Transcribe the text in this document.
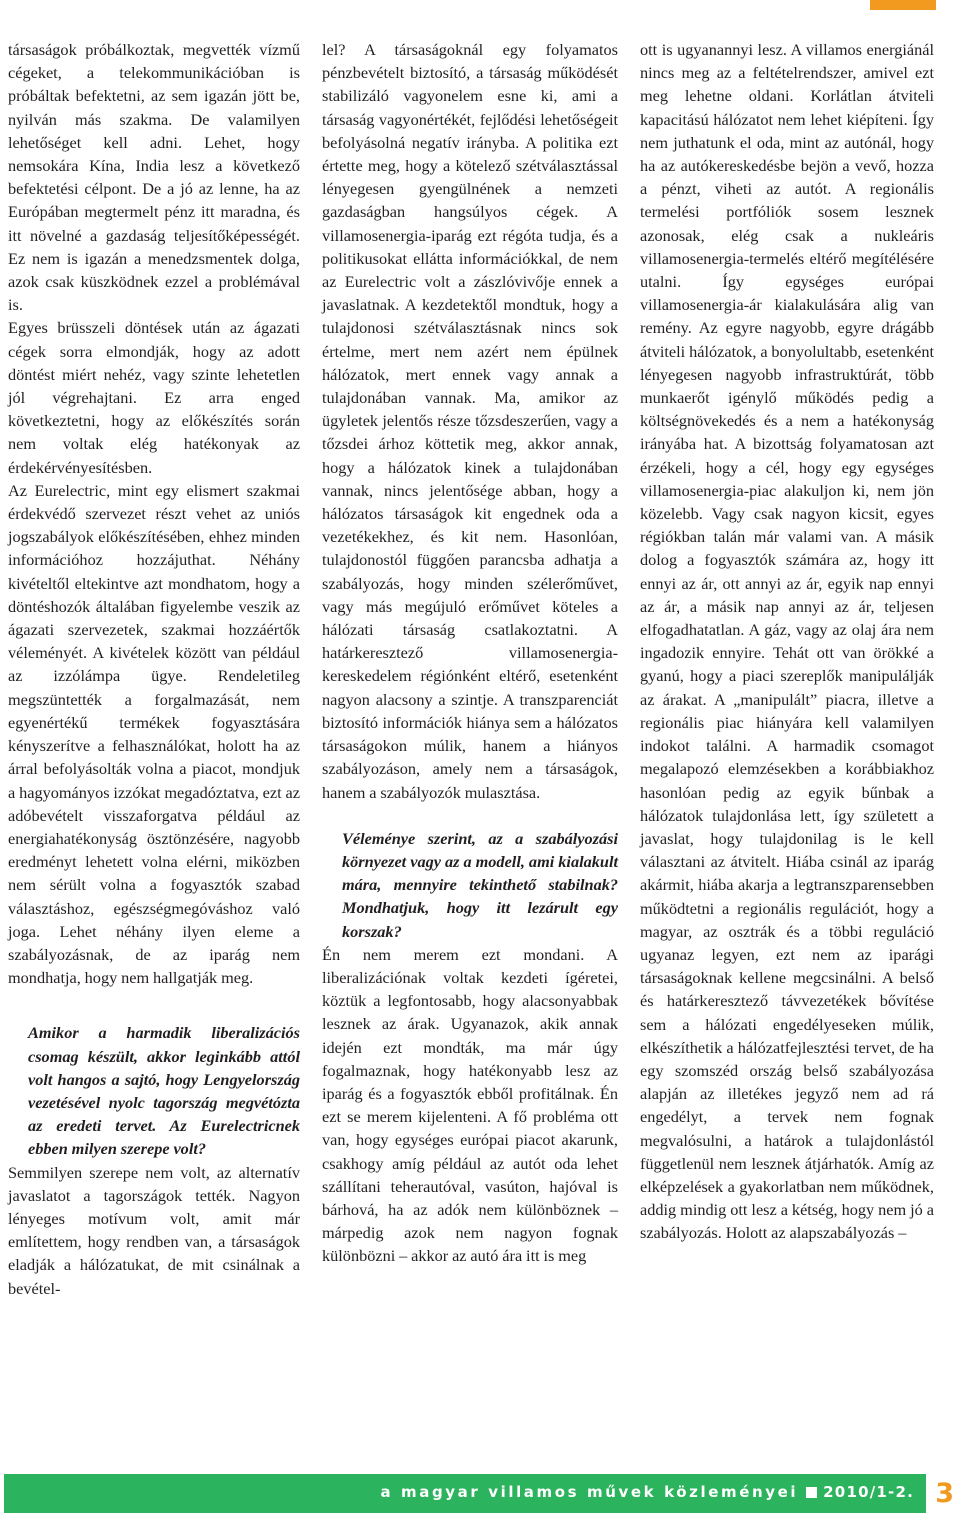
társaságok próbálkoztak, megvették vízmű cégeket, a telekommunikációban is próbáltak befektetni, az sem igazán jött be, nyilván más szakma. De valamilyen lehetőséget kell adni. Lehet, hogy nemsokára Kína, India lesz a következő befektetési célpont. De a jó az lenne, ha az Európában megtermelt pénz itt maradna, és itt növelné a gazdaság teljesítőképességét. Ez nem is igazán a menedzsmentek dolga, azok csak küszködnek ezzel a problémával is.

Egyes brüsszeli döntések után az ágazati cégek sorra elmondják, hogy az adott döntést miért nehéz, vagy szinte lehetetlen jól végrehajtani. Ez arra enged következtetni, hogy az előkészítés során nem voltak elég hatékonyak az érdekérvényesítésben.

Az Eurelectric, mint egy elismert szakmai érdekvédő szervezet részt vehet az uniós jogszabályok előkészítésében, ehhez minden információhoz hozzájuthat. Néhány kivételtől eltekintve azt mondhatom, hogy a döntéshozók általában figyelembe veszik az ágazati szervezetek, szakmai hozzáértők véleményét. A kivételek között van például az izzólámpa ügye. Rendeletileg megszüntették a forgalmazását, nem egyenértékű termékek fogyasztására kényszerítve a felhasználókat, holott ha az árral befolyásolták volna a piacot, mondjuk a hagyományos izzókat megadóztatva, ezt az adóbevételt visszaforgatva például az energiahatékonyság ösztönzésére, nagyobb eredményt lehetett volna elérni, miközben nem sérült volna a fogyasztók szabad választáshoz, egészségmegóváshoz való joga. Lehet néhány ilyen eleme a szabályozásnak, de az iparág nem mondhatja, hogy nem hallgatják meg.

Amikor a harmadik liberalizációs csomag készült, akkor leginkább attól volt hangos a sajtó, hogy Lengyelország vezetésével nyolc tagország megvétózta az eredeti tervet. Az Eurelectricnek ebben milyen szerepe volt?

Semmilyen szerepe nem volt, az alternatív javaslatot a tagországok tették. Nagyon lényeges motívum volt, amit már említettem, hogy rendben van, a társaságok eladják a hálózatukat, de mit csinálnak a bevétel-

lel? A társaságoknál egy folyamatos pénzbevételt biztosító, a társaság működését stabilizáló vagyonelem esne ki, ami a társaság vagyonértékét, fejlődési lehetőségeit befolyásolná negatív irányba. A politika ezt értette meg, hogy a kötelező szétválasztással lényegesen gyengülnének a nemzeti gazdaságban hangsúlyos cégek. A villamosenergia-iparág ezt régóta tudja, és a politikusokat ellátta információkkal, de nem az Eurelectric volt a zászlóvivője ennek a javaslatnak. A kezdetektől mondtuk, hogy a tulajdonosi szétválasztásnak nincs sok értelme, mert nem azért nem épülnek hálózatok, mert ennek vagy annak a tulajdonában vannak. Ma, amikor az ügyletek jelentős része tőzsdeszerűen, vagy a tőzsdei árhoz köttetik meg, akkor annak, hogy a hálózatok kinek a tulajdonában vannak, nincs jelentősége abban, hogy a hálózatos társaságok kit engednek oda a vezetékekhez, és kit nem. Hasonlóan, tulajdonostól függően parancsba adhatja a szabályozás, hogy minden szélerőművet, vagy más megújuló erőművet köteles a hálózati társaság csatlakoztatni. A határkeresztező villamosenergia-kereskedelem régiónként eltérő, esetenként nagyon alacsony a szintje. A transzparenciát biztosító információk hiánya sem a hálózatos társaságokon múlik, hanem a hiányos szabályozáson, amely nem a társaságok, hanem a szabályozók mulasztása.

Véleménye szerint, az a szabályozási környezet vagy az a modell, ami kialakult mára, mennyire tekinthető stabilnak? Mondhatjuk, hogy itt lezárult egy korszak?

Én nem merem ezt mondani. A liberalizációnak voltak kezdeti ígéretei, köztük a legfontosabb, hogy alacsonyabbak lesznek az árak. Ugyanazok, akik annak idején ezt mondták, ma már úgy fogalmaznak, hogy hatékonyabb lesz az iparág és a fogyasztók ebből profitálnak. Én ezt se merem kijelenteni. A fő probléma ott van, hogy egységes európai piacot akarunk, csakhogy amíg például az autót oda lehet szállítani teherautóval, vasúton, hajóval is bárhová, ha az adók nem különböznek – márpedig azok nem nagyon fognak különbözni – akkor az autó ára itt is meg

ott is ugyanannyi lesz. A villamos energiánál nincs meg az a feltételrendszer, amivel ezt meg lehetne oldani. Korlátlan átviteli kapacitású hálózatot nem lehet kiépíteni. Így nem juthatunk el oda, mint az autónál, hogy ha az autókereskedésbe bejön a vevő, hozza a pénzt, viheti az autót. A regionális termelési portfóliók sosem lesznek azonosak, elég csak a nukleáris villamosenergia-termelés eltérő megítélésére utalni. Így egységes európai villamosenergia-ár kialakulására alig van remény. Az egyre nagyobb, egyre drágább átviteli hálózatok, a bonyolultabb, esetenként lényegesen nagyobb infrastruktúrát, több munkaerőt igénylő működés pedig a költségnövekedés és a nem a hatékonyság irányába hat. A bizottság folyamatosan azt érzékeli, hogy a cél, hogy egy egységes villamosenergia-piac alakuljon ki, nem jön közelebb. Vagy csak nagyon kicsit, egyes régiókban talán már valami van. A másik dolog a fogyasztók számára az, hogy itt ennyi az ár, ott annyi az ár, egyik nap ennyi az ár, a másik nap annyi az ár, teljesen elfogadhatatlan. A gáz, vagy az olaj ára nem ingadozik ennyire. Tehát ott van örökké a gyanú, hogy a piaci szereplők manipulálják az árakat. A „manipulált” piacra, illetve a regionális piac hiányára kell valamilyen indokot találni. A harmadik csomagot megalapozó elemzésekben a korábbiakhoz hasonlóan pedig az egyik bűnbak a hálózatok tulajdonlása lett, így született a javaslat, hogy tulajdonilag is le kell választani az átvitelt. Hiába csinál az iparág akármit, hiába akarja a legtranszparensebben működtetni a regionális regulációt, hogy a magyar, az osztrák és a többi reguláció ugyanaz legyen, ezt nem az iparági társaságoknak kellene megcsinálni. A belső és határkeresztező távvezetékek bővítése sem a hálózati engedélyeseken múlik, elkészíthetik a hálózatfejlesztési tervet, de ha egy szomszéd ország belső szabályozása alapján az illetékes jegyző nem ad rá engedélyt, a tervek nem fognak megvalósulni, a határok a tulajdonlástól függetlenül nem lesznek átjárhatók. Amíg az elképzelések a gyakorlatban nem működnek, addig mindig ott lesz a kétség, hogy nem jó a szabályozás. Holott az alapszabályozás –

a magyar villamos művek közleményei 2010/1-2. 3
